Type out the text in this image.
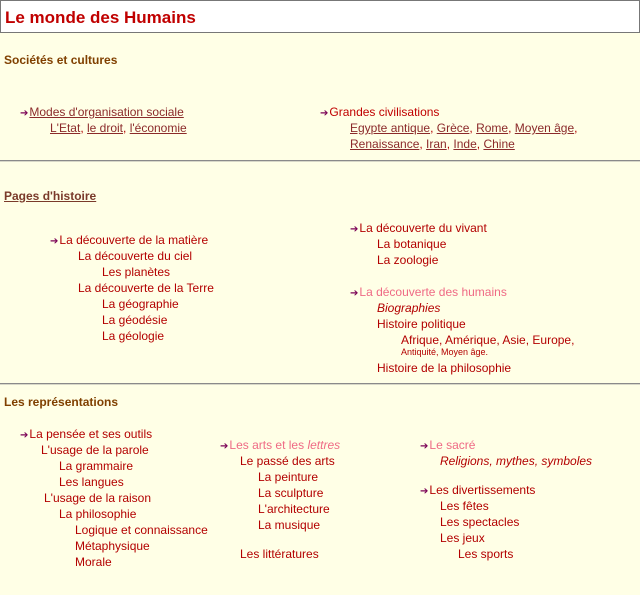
Le monde des Humains
Sociétés et cultures
➔Modes d'organisation sociale
L'Etat, le droit, l'économie
➔Grandes civilisations
Egypte antique, Grèce, Rome, Moyen âge,
Renaissance, Iran, Inde, Chine
Pages d'histoire
➔La découverte de la matière
La découverte du ciel
Les planètes
La découverte de la Terre
La géographie
La géodésie
La géologie
➔La découverte du vivant
La botanique
La zoologie
➔La découverte des humains
Biographies
Histoire politique
Afrique, Amérique, Asie, Europe,
Antiquité, Moyen âge.
Histoire de la philosophie
Les représentations
➔La pensée et ses outils
L'usage de la parole
La grammaire
Les langues
L'usage de la raison
La philosophie
Logique et connaissance
Métaphysique
Morale
➔Les arts et les lettres
Le passé des arts
La peinture
La sculpture
L'architecture
La musique
Les littératures
➔Le sacré
Religions, mythes, symboles
➔Les divertissements
Les fêtes
Les spectacles
Les jeux
Les sports
